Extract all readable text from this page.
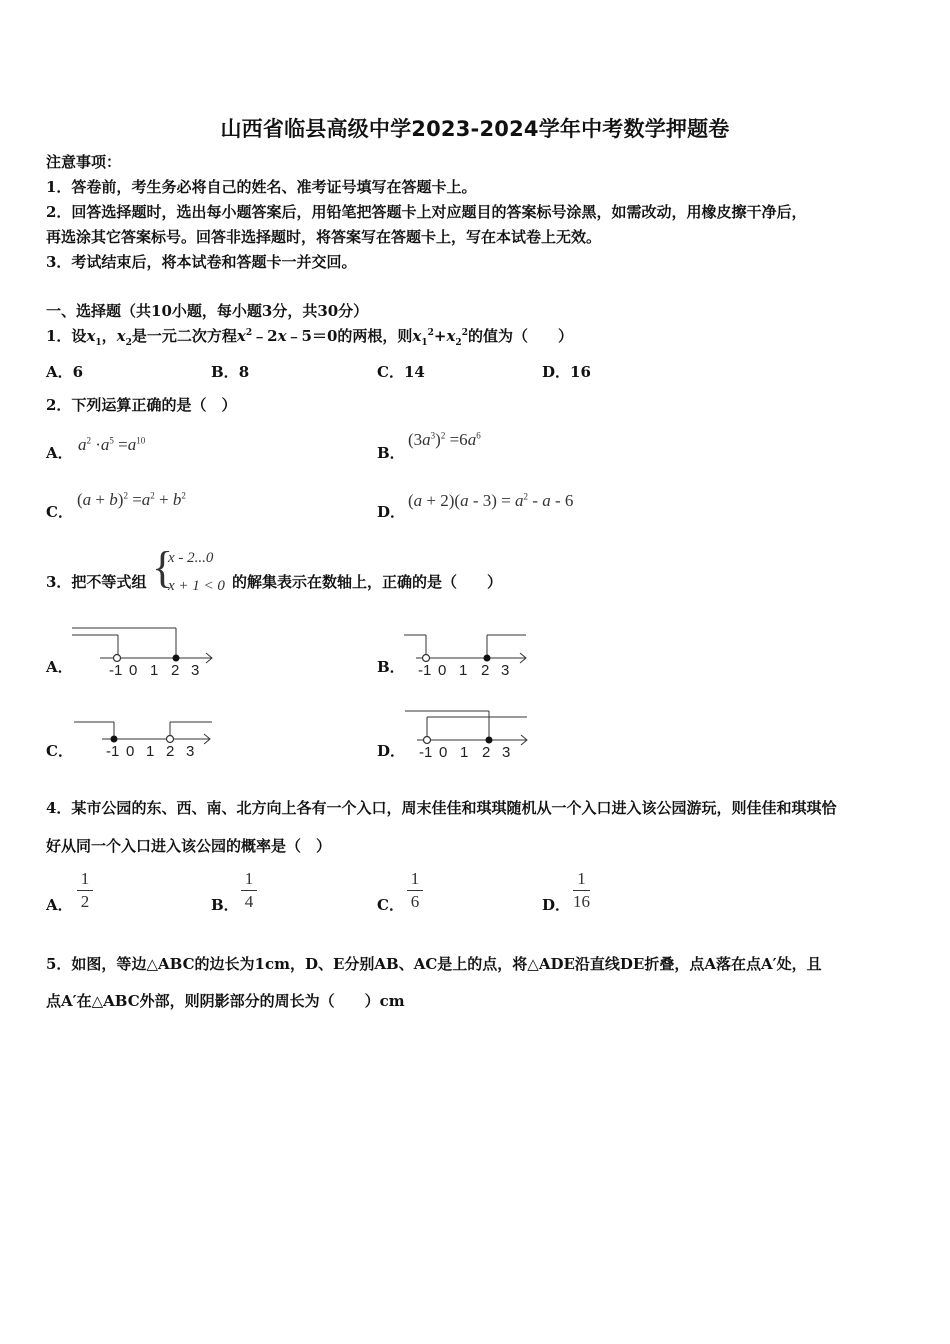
山西省临县高级中学2023-2024学年中考数学押题卷
注意事项：
1．答卷前，考生务必将自己的姓名、准考证号填写在答题卡上。
2．回答选择题时，选出每小题答案后，用铅笔把答题卡上对应题目的答案标号涂黑，如需改动，用橡皮擦干净后，
再选涂其它答案标号。回答非选择题时，将答案写在答题卡上，写在本试卷上无效。
3．考试结束后，将本试卷和答题卡一并交回。
一、选择题（共10小题，每小题3分，共30分）
1．设$x_1$，$x_2$是一元二次方程$x^2﹣2x﹣5=0$的两根，则$x_1^2+x_2^2$的值为（　　）
A．6	B．8	C．14	D．16
2．下列运算正确的是（　）
A． $a^2 \cdot a^5 =a^{10}$
B．
$(3a^3)^2 =6a^6$
C．
$(a + b)^2 =a^2 + b^2$
D．
$(a + 2)(a - 3) = a^2 - a - 6$
3．把不等式组 {
x - 2...0
x + 1 < 0 的解集表示在数轴上，正确的是（　　）
A． -1 0 1 2 3	B． -1 0 1 2 3
C． -1 0 1 2 3	D． -1 0 1 2 3
4．某市公园的东、西、南、北方向上各有一个入口，周末佳佳和琪琪随机从一个入口进入该公园游玩，则佳佳和琪琪恰
好从同一个入口进入该公园的概率是（　）
A．
1
2	B．
1
4	C．
1
6	D．
1
16
5．如图，等边△ABC的边长为1cm，D、E分别AB、AC是上的点，将△ADE沿直线DE折叠，点A落在点A′处，且
点A′在△ABC外部，则阴影部分的周长为（　　）cm
